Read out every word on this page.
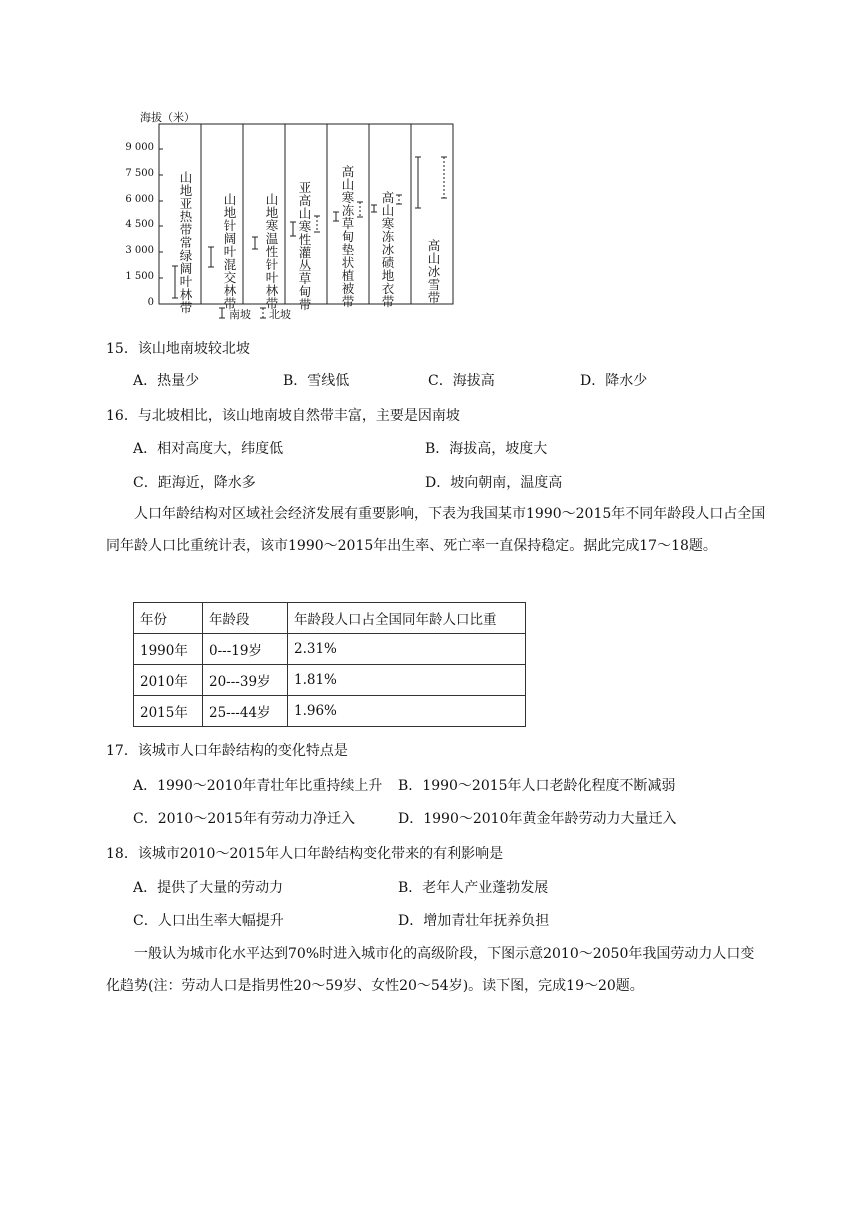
海拔（米）
9 000
7 500
6 000
4 500
3 000
1 500
0 山地亚热带常绿阔叶林带 山地针阔叶混交林带 山地寒温性针叶林带 亚高山寒性灌丛草甸带 高山寒冻草甸垫状植被带 高山寒冻冰碛地衣带 高山冰雪带
南坡 北坡
15．该山地南坡较北坡
A．热量少	B．雪线低	C．海拔高	D．降水少
16．与北坡相比，该山地南坡自然带丰富，主要是因南坡
A．相对高度大，纬度低	B．海拔高，坡度大
C．距海近，降水多	D．坡向朝南，温度高
人口年龄结构对区域社会经济发展有重要影响，下表为我国某市1990～2015年不同年龄段人口占全国同年龄人口比重统计表，该市1990～2015年出生率、死亡率一直保持稳定。据此完成17～18题。
年份	年龄段	年龄段人口占全国同年龄人口比重
1990年	0---19岁	2.31%
2010年	20---39岁	1.81%
2015年	25---44岁	1.96%
17．该城市人口年龄结构的变化特点是
A．1990～2010年青壮年比重持续上升 B．1990～2015年人口老龄化程度不断减弱
C．2010～2015年有劳动力净迁入	D．1990～2010年黄金年龄劳动力大量迁入
18．该城市2010～2015年人口年龄结构变化带来的有利影响是
A．提供了大量的劳动力	B．老年人产业蓬勃发展
C．人口出生率大幅提升	D．增加青壮年抚养负担
一般认为城市化水平达到70%时进入城市化的高级阶段，下图示意2010～2050年我国劳动力人口变化趋势(注：劳动人口是指男性20～59岁、女性20～54岁)。读下图，完成19～20题。
